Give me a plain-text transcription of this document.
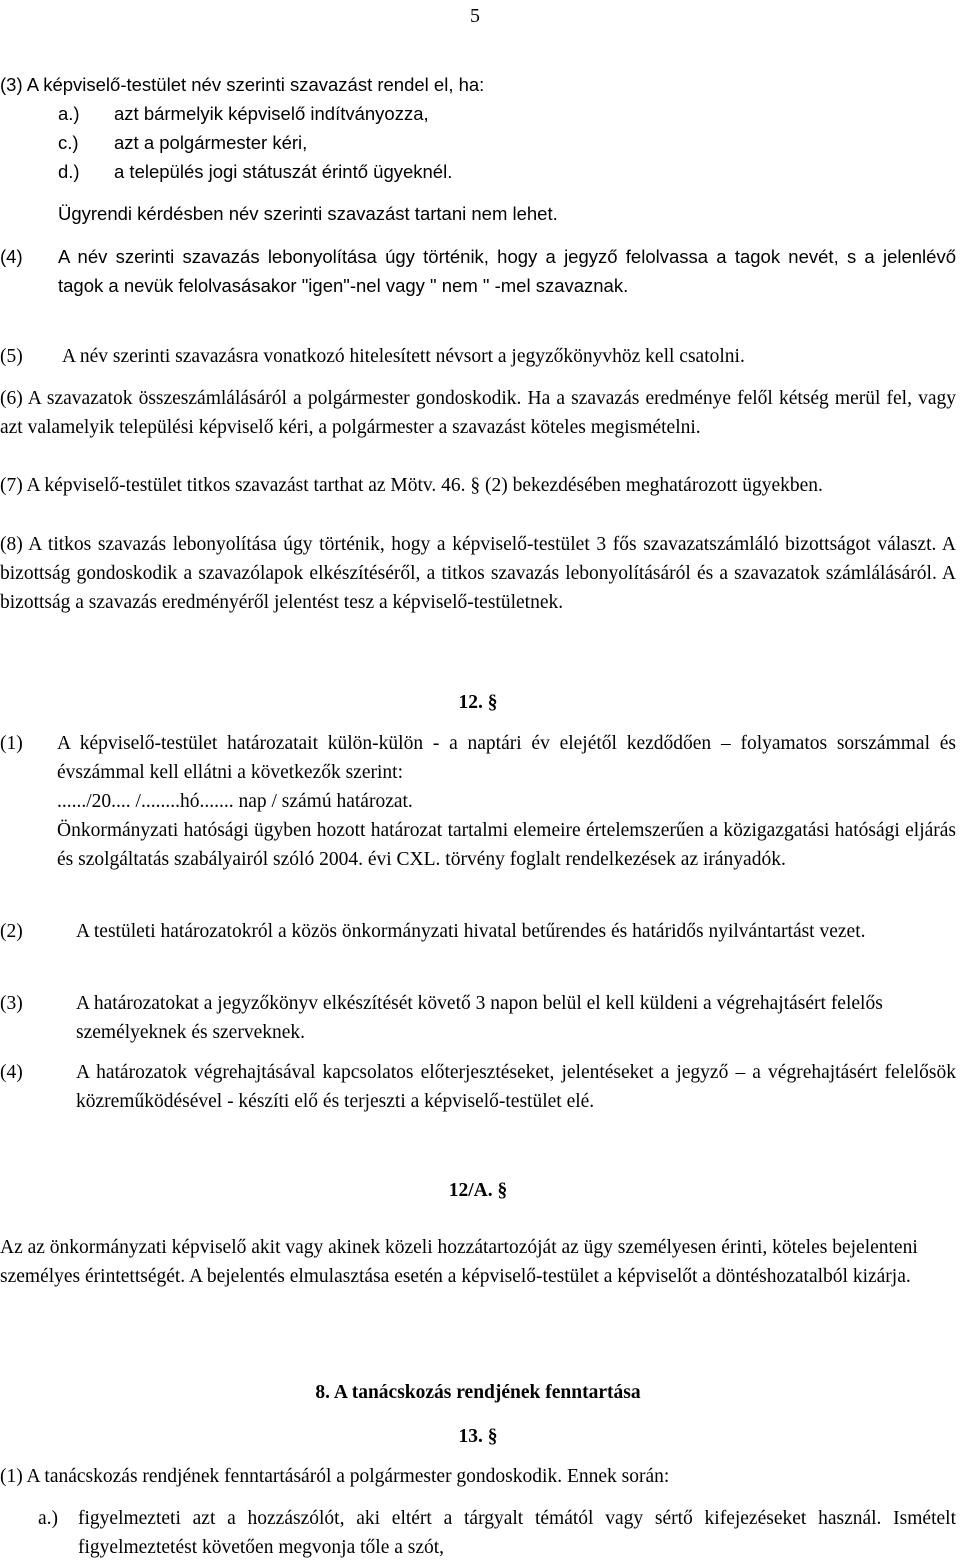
5

(3) A képviselő-testület név szerinti szavazást rendel el, ha:

a.)	azt bármelyik képviselő indítványozza,
c.)	azt a polgármester kéri,
d.)	a település jogi státuszát érintő ügyeknél.

Ügyrendi kérdésben név szerinti szavazást tartani nem lehet.

(4)	A név szerinti szavazás lebonyolítása úgy történik, hogy a jegyző felolvassa a tagok nevét, s a jelenlévő tagok a nevük felolvasásakor "igen"-nel vagy " nem " -mel szavaznak.
(5)	A név szerinti szavazásra vonatkozó hitelesített névsort a jegyzőkönyvhöz kell csatolni.
(6) A szavazatok összeszámlálásáról a polgármester gondoskodik. Ha a szavazás eredménye felől kétség merül fel, vagy azt valamelyik települési képviselő kéri, a polgármester a szavazást köteles megismételni.
(7) A képviselő-testület titkos szavazást tarthat az Mötv. 46. § (2) bekezdésében meghatározott ügyekben.
(8) A titkos szavazás lebonyolítása úgy történik, hogy a képviselő-testület 3 fős szavazatszámláló bizottságot választ. A bizottság gondoskodik a szavazólapok elkészítéséről, a titkos szavazás lebonyolításáról és a szavazatok számlálásáról. A bizottság a szavazás eredményéről jelentést tesz a képviselő-testületnek.
12. §
(1)	A képviselő-testület határozatait külön-külön - a naptári év elejétől kezdődően – folyamatos sorszámmal és évszámmal kell ellátni a következők szerint:
....../20.... /........hó....... nap / számú határozat.
Önkormányzati hatósági ügyben hozott határozat tartalmi elemeire értelemszerűen a közigazgatási hatósági eljárás és szolgáltatás szabályairól szóló 2004. évi CXL. törvény foglalt rendelkezések az irányadók.
(2)	A testületi határozatokról a közös önkormányzati hivatal betűrendes és határidős nyilvántartást vezet.
(3)	A határozatokat a jegyzőkönyv elkészítését követő 3 napon belül el kell küldeni a végrehajtásért felelős személyeknek és szerveknek.
(4)	A határozatok végrehajtásával kapcsolatos előterjesztéseket, jelentéseket a jegyző – a végrehajtásért felelősök közreműködésével - készíti elő és terjeszti a képviselő-testület elé.
12/A. §
Az az önkormányzati képviselő akit vagy akinek közeli hozzátartozóját az ügy személyesen érinti, köteles bejelenteni személyes érintettségét. A bejelentés elmulasztása esetén a képviselő-testület a képviselőt a döntéshozatalból kizárja.
8. A tanácskozás rendjének fenntartása
13. §
(1) A tanácskozás rendjének fenntartásáról a polgármester gondoskodik. Ennek során:
a.)	figyelmezteti azt a hozzászólót, aki eltért a tárgyalt témától vagy sértő kifejezéseket használ. Ismételt figyelmeztetést követően megvonja tőle a szót,
